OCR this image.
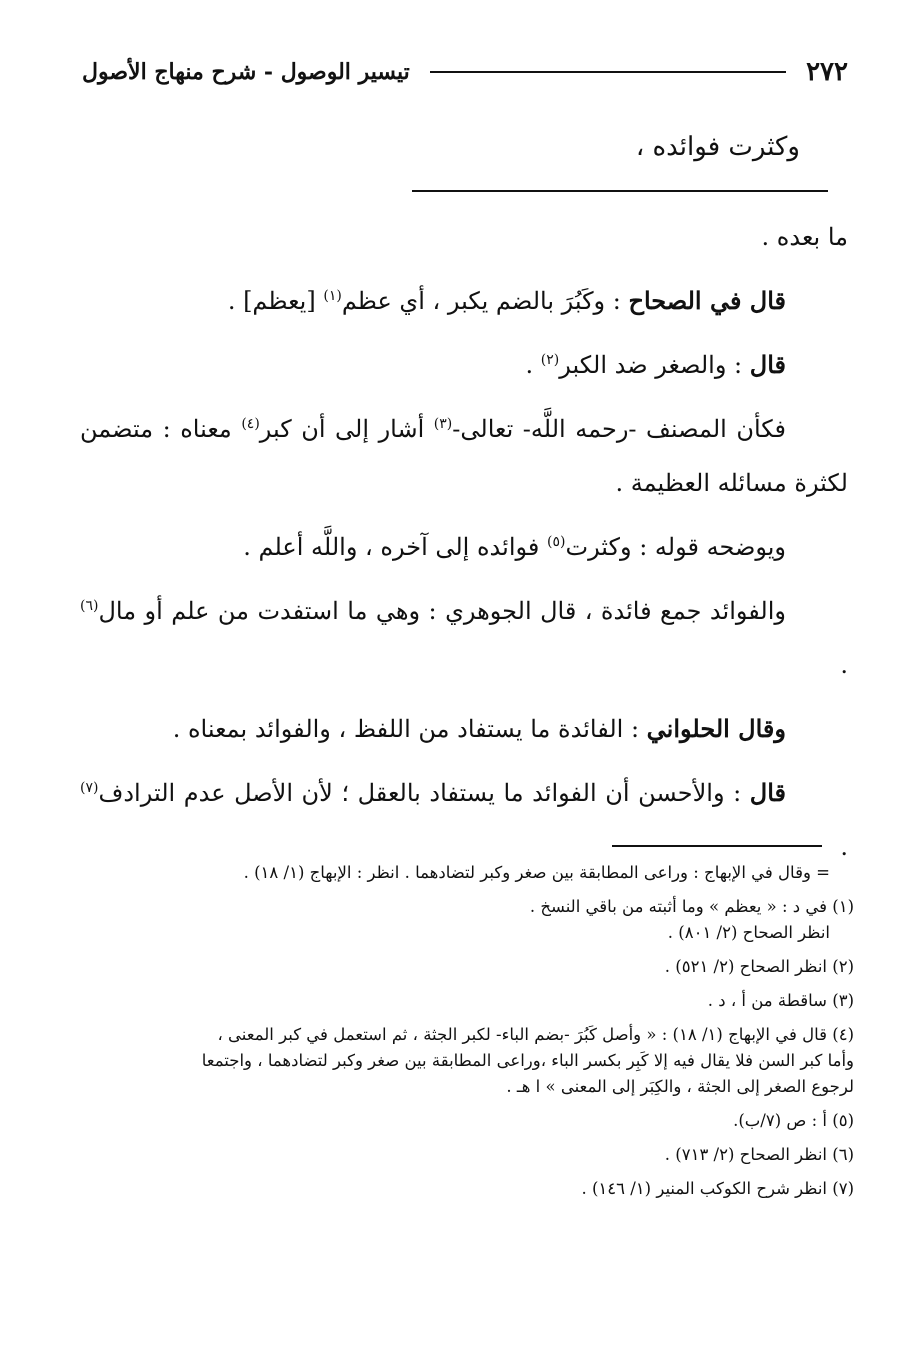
٢٧٢
تيسير الوصول - شرح منهاج الأصول
وكثرت فوائده ،

ما بعده .

قال في الصحاح : وكَبُرَ بالضم يكبر ، أي عظم$^{(١)}$ [يعظم] .

قال : والصغر ضد الكبر$^{(٢)}$ .

فكأن المصنف -رحمه اللَّه- تعالى-$^{(٣)}$ أشار إلى أن كبر$^{(٤)}$ معناه : متضمن لكثرة مسائله العظيمة .

ويوضحه قوله : وكثرت$^{(٥)}$ فوائده إلى آخره ، واللَّه أعلم .

والفوائد جمع فائدة ، قال الجوهري : وهي ما استفدت من علم أو مال$^{(٦)}$ .

وقال الحلواني : الفائدة ما يستفاد من اللفظ ، والفوائد بمعناه .

قال : والأحسن أن الفوائد ما يستفاد بالعقل ؛ لأن الأصل عدم الترادف$^{(٧)}$ .

= وقال في الإبهاج : وراعى المطابقة بين صغر وكبر لتضادهما . انظر : الإبهاج (١/ ١٨) .
(١) في د : « يعظم » وما أثبته من باقي النسخ .
انظر الصحاح (٢/ ٨٠١) .
(٢) انظر الصحاح (٢/ ٥٢١) .
(٣) ساقطة من أ ، د .
(٤) قال في الإبهاج (١/ ١٨) : « وأصل كَبُرَ -بضم الباء- لكبر الجثة ، ثم استعمل في كبر المعنى ،
وأما كبر السن فلا يقال فيه إلا كَبِر بكسر الباء ،وراعى المطابقة بين صغر وكبر لتضادهما ، واجتمعا
لرجوع الصغر إلى الجثة ، والكِبَر إلى المعنى » ا هـ .
(٥) أ : ص (٧/ب).
(٦) انظر الصحاح (٢/ ٧١٣) .
(٧) انظر شرح الكوكب المنير (١/ ١٤٦) .
